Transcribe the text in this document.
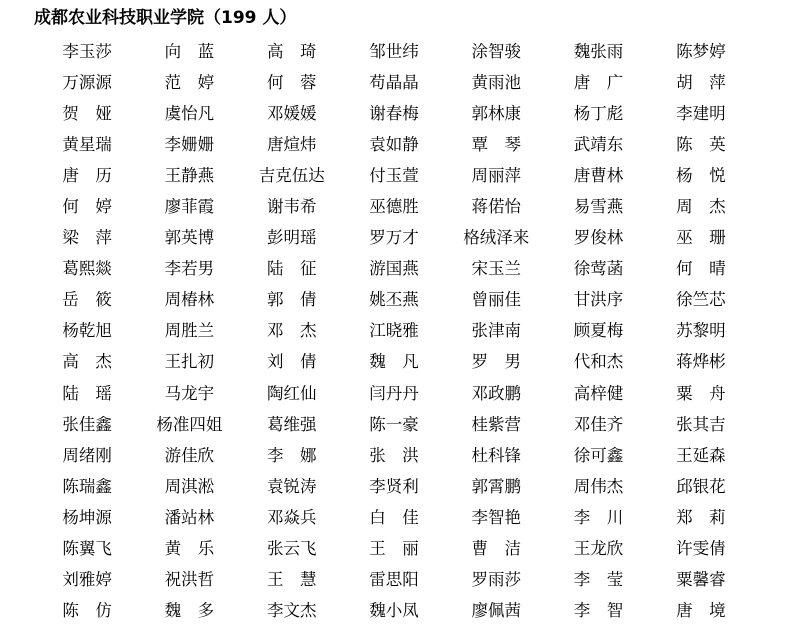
成都农业科技职业学院（199 人）
李玉莎	向　蓝	高　琦	邹世纬	涂智骏	魏张雨	陈梦婷
万源源	范　婷	何　蓉	苟晶晶	黄雨池	唐　广	胡　萍
贺　娅	虞怡凡	邓媛媛	谢春梅	郭林康	杨丁彪	李建明
黄星瑞	李姗姗	唐煊炜	袁如静	覃　琴	武靖东	陈　英
唐　历	王静燕	吉克伍达	付玉萱	周丽萍	唐曹林	杨　悦
何　婷	廖菲霞	谢韦希	巫德胜	蒋偌怡	易雪燕	周　杰
梁　萍	郭英博	彭明瑶	罗万才	格绒泽来	罗俊林	巫　珊
葛熙燚	李若男	陆　征	游国燕	宋玉兰	徐莺菡	何　晴
岳　筱	周椿林	郭　倩	姚丕燕	曾丽佳	甘洪序	徐竺芯
杨乾旭	周胜兰	邓　杰	江晓雅	张津南	顾夏梅	苏黎明
高　杰	王扎初	刘　倩	魏　凡	罗　男	代和杰	蒋烨彬
陆　瑶	马龙宇	陶红仙	闫丹丹	邓政鹏	高梓健	粟　舟
张佳鑫	杨准四姐	葛维强	陈一豪	桂紫营	邓佳齐	张其吉
周绪刚	游佳欣	李　娜	张　洪	杜科锋	徐可鑫	王延森
陈瑞鑫	周淇淞	袁锐涛	李贤利	郭霄鹏	周伟杰	邱银花
杨坤源	潘站林	邓焱兵	白　佳	李智艳	李　川	郑　莉
陈翼飞	黄　乐	张云飞	王　丽	曹　洁	王龙欣	许雯倩
刘雅婷	祝洪哲	王　慧	雷思阳	罗雨莎	李　莹	粟馨睿
陈　仿	魏　多	李文杰	魏小凤	廖佩茜	李　智	唐　境
